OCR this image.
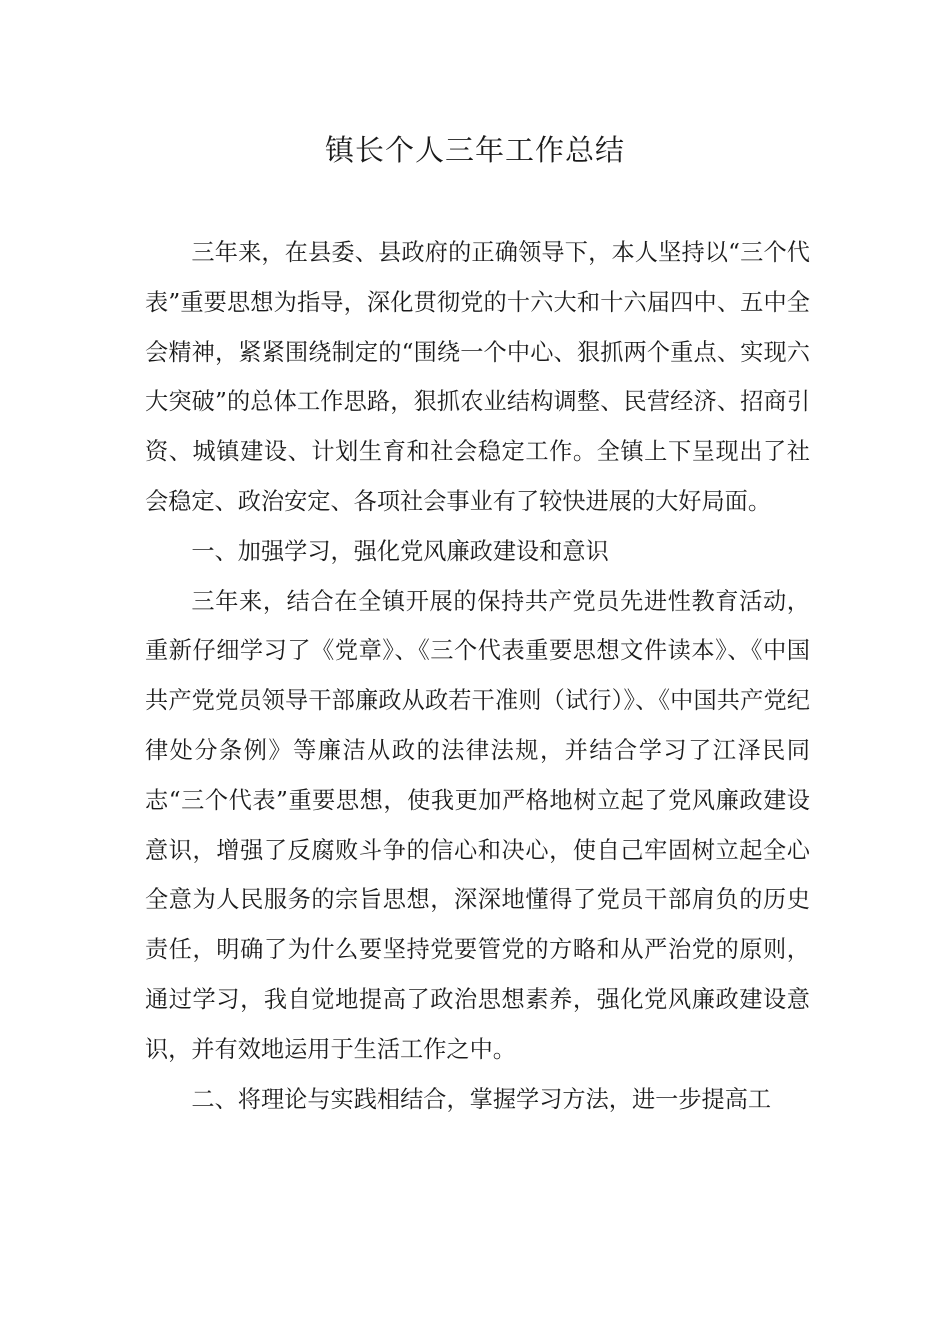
镇长个人三年工作总结

三年来，在县委、县政府的正确领导下，本人坚持以“三个代表”重要思想为指导，深化贯彻党的十六大和十六届四中、五中全会精神，紧紧围绕制定的“围绕一个中心、狠抓两个重点、实现六大突破”的总体工作思路，狠抓农业结构调整、民营经济、招商引资、城镇建设、计划生育和社会稳定工作。全镇上下呈现出了社会稳定、政治安定、各项社会事业有了较快进展的大好局面。

一、加强学习，强化党风廉政建设和意识

三年来，结合在全镇开展的保持共产党员先进性教育活动，重新仔细学习了《党章》、《三个代表重要思想文件读本》、《中国共产党党员领导干部廉政从政若干准则（试行）》、《中国共产党纪律处分条例》等廉洁从政的法律法规，并结合学习了江泽民同志“三个代表”重要思想，使我更加严格地树立起了党风廉政建设意识，增强了反腐败斗争的信心和决心，使自己牢固树立起全心全意为人民服务的宗旨思想，深深地懂得了党员干部肩负的历史责任，明确了为什么要坚持党要管党的方略和从严治党的原则，通过学习，我自觉地提高了政治思想素养，强化党风廉政建设意识，并有效地运用于生活工作之中。

二、将理论与实践相结合，掌握学习方法，进一步提高工
